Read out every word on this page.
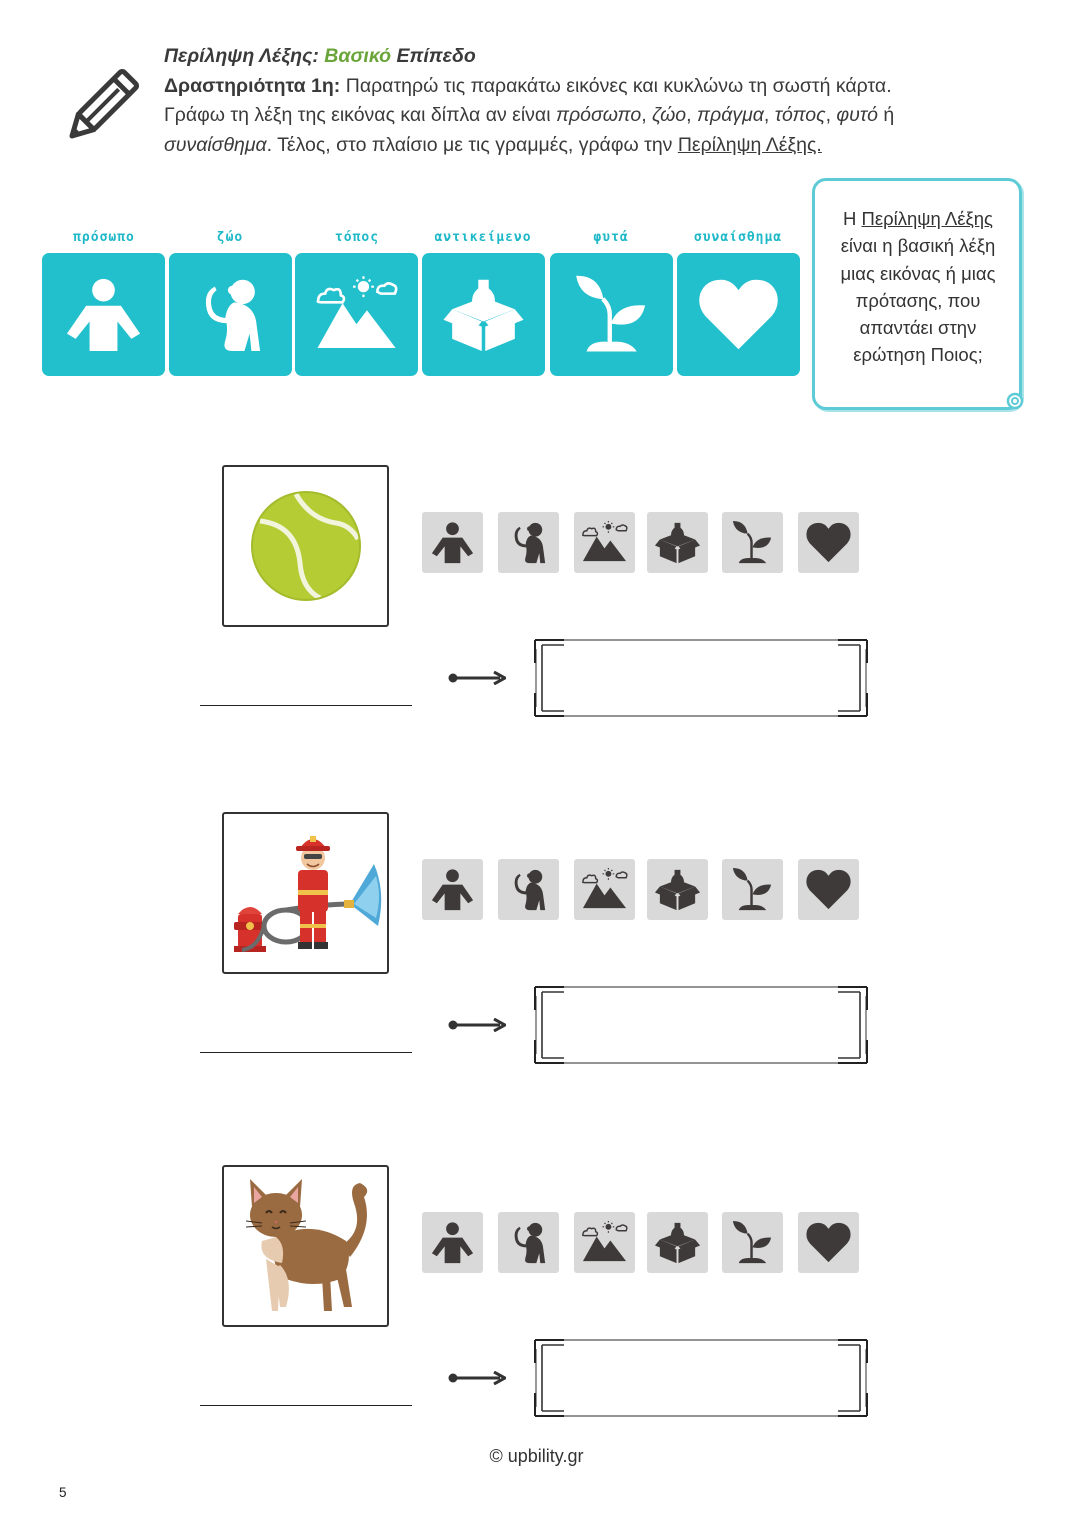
Περίληψη Λέξης: Βασικό Επίπεδο
Δραστηριότητα 1η: Παρατηρώ τις παρακάτω εικόνες και κυκλώνω τη σωστή κάρτα.
Γράφω τη λέξη της εικόνας και δίπλα αν είναι πρόσωπο, ζώο, πράγμα, τόπος, φυτό ή
συναίσθημα. Τέλος, στο πλαίσιο με τις γραμμές, γράφω την Περίληψη Λέξης.
πρόσωπο	ζώο	τόπος	αντικείμενο	φυτά	συναίσθημα
Η Περίληψη Λέξης είναι η βασική λέξη μιας εικόνας ή μιας πρότασης, που απαντάει στην ερώτηση Ποιος;
© upbility.gr
5
